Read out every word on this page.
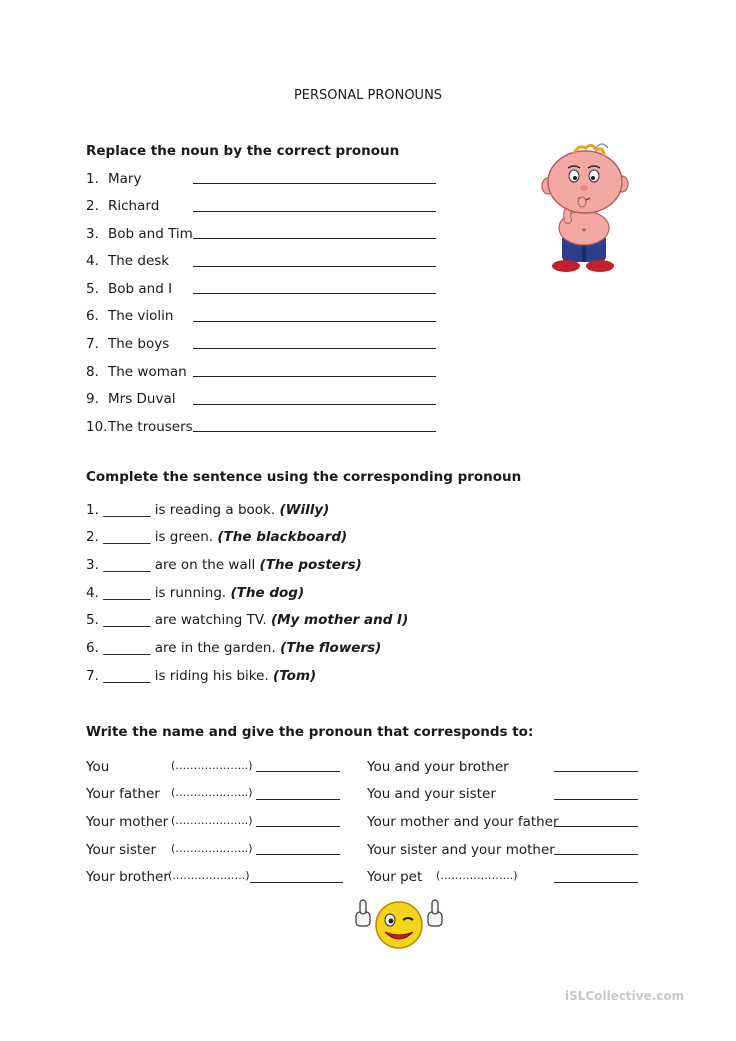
PERSONAL PRONOUNS
Replace the noun by the correct pronoun
1. Mary
2. Richard
3. Bob and Tim
4. The desk
5. Bob and I
6. The violin
7. The boys
8. The woman
9. Mrs Duval
10. The trousers
Complete the sentence using the corresponding pronoun
1. _______ is reading a book. (Willy)
2. _______ is green. (The blackboard)
3. _______ are on the wall (The posters)
4. _______ is running. (The dog)
5. _______ are watching TV. (My mother and I)
6. _______ are in the garden. (The flowers)
7. _______ is riding his bike. (Tom)
Write the name and give the pronoun that corresponds to:
You	(………………..)
Your father (………………..)
Your mother (………………..)
Your sister (………………..)
Your brother (………………..)
You and your brother
You and your sister
Your mother and your father
Your sister and your mother
Your pet (………………..)
iSLCollective.com
